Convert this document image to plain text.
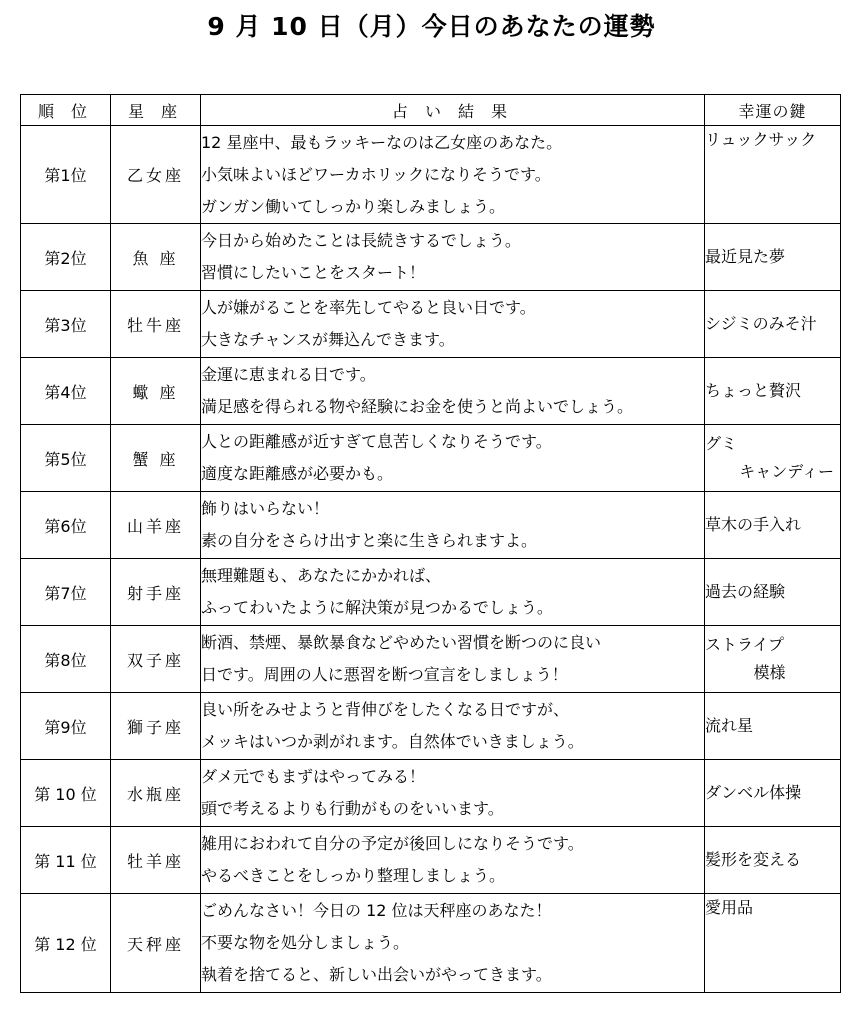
9 月 10 日（月）今日のあなたの運勢
順 位	星 座	占 い 結 果	幸運の鍵
第1位	乙女座	12 星座中、最もラッキーなのは乙女座のあなた。
小気味よいほどワーカホリックになりそうです。
ガンガン働いてしっかり楽しみましょう。	リュックサック

第2位	魚 座	今日から始めたことは長続きするでしょう。
習慣にしたいことをスタート！	最近見た夢

第3位	牡牛座	人が嫌がることを率先してやると良い日です。
大きなチャンスが舞込んできます。	シジミのみそ汁

第4位	蠍 座	金運に恵まれる日です。
満足感を得られる物や経験にお金を使うと尚よいでしょう。	ちょっと贅沢

第5位	蟹 座	人との距離感が近すぎて息苦しくなりそうです。
適度な距離感が必要かも。	グミ
キャンディー

第6位	山羊座	飾りはいらない！
素の自分をさらけ出すと楽に生きられますよ。	草木の手入れ

第7位	射手座	無理難題も、あなたにかかれば、
ふってわいたように解決策が見つかるでしょう。	過去の経験

第8位	双子座	断酒、禁煙、暴飲暴食などやめたい習慣を断つのに良い
日です。周囲の人に悪習を断つ宣言をしましょう！	ストライプ
模様

第9位	獅子座	良い所をみせようと背伸びをしたくなる日ですが、
メッキはいつか剥がれます。自然体でいきましょう。	流れ星

第 10 位	水瓶座	ダメ元でもまずはやってみる！
頭で考えるよりも行動がものをいいます。	ダンベル体操

第 11 位	牡羊座	雑用におわれて自分の予定が後回しになりそうです。
やるべきことをしっかり整理しましょう。	髪形を変える

第 12 位	天秤座	ごめんなさい！今日の 12 位は天秤座のあなた！
不要な物を処分しましょう。
執着を捨てると、新しい出会いがやってきます。	愛用品
